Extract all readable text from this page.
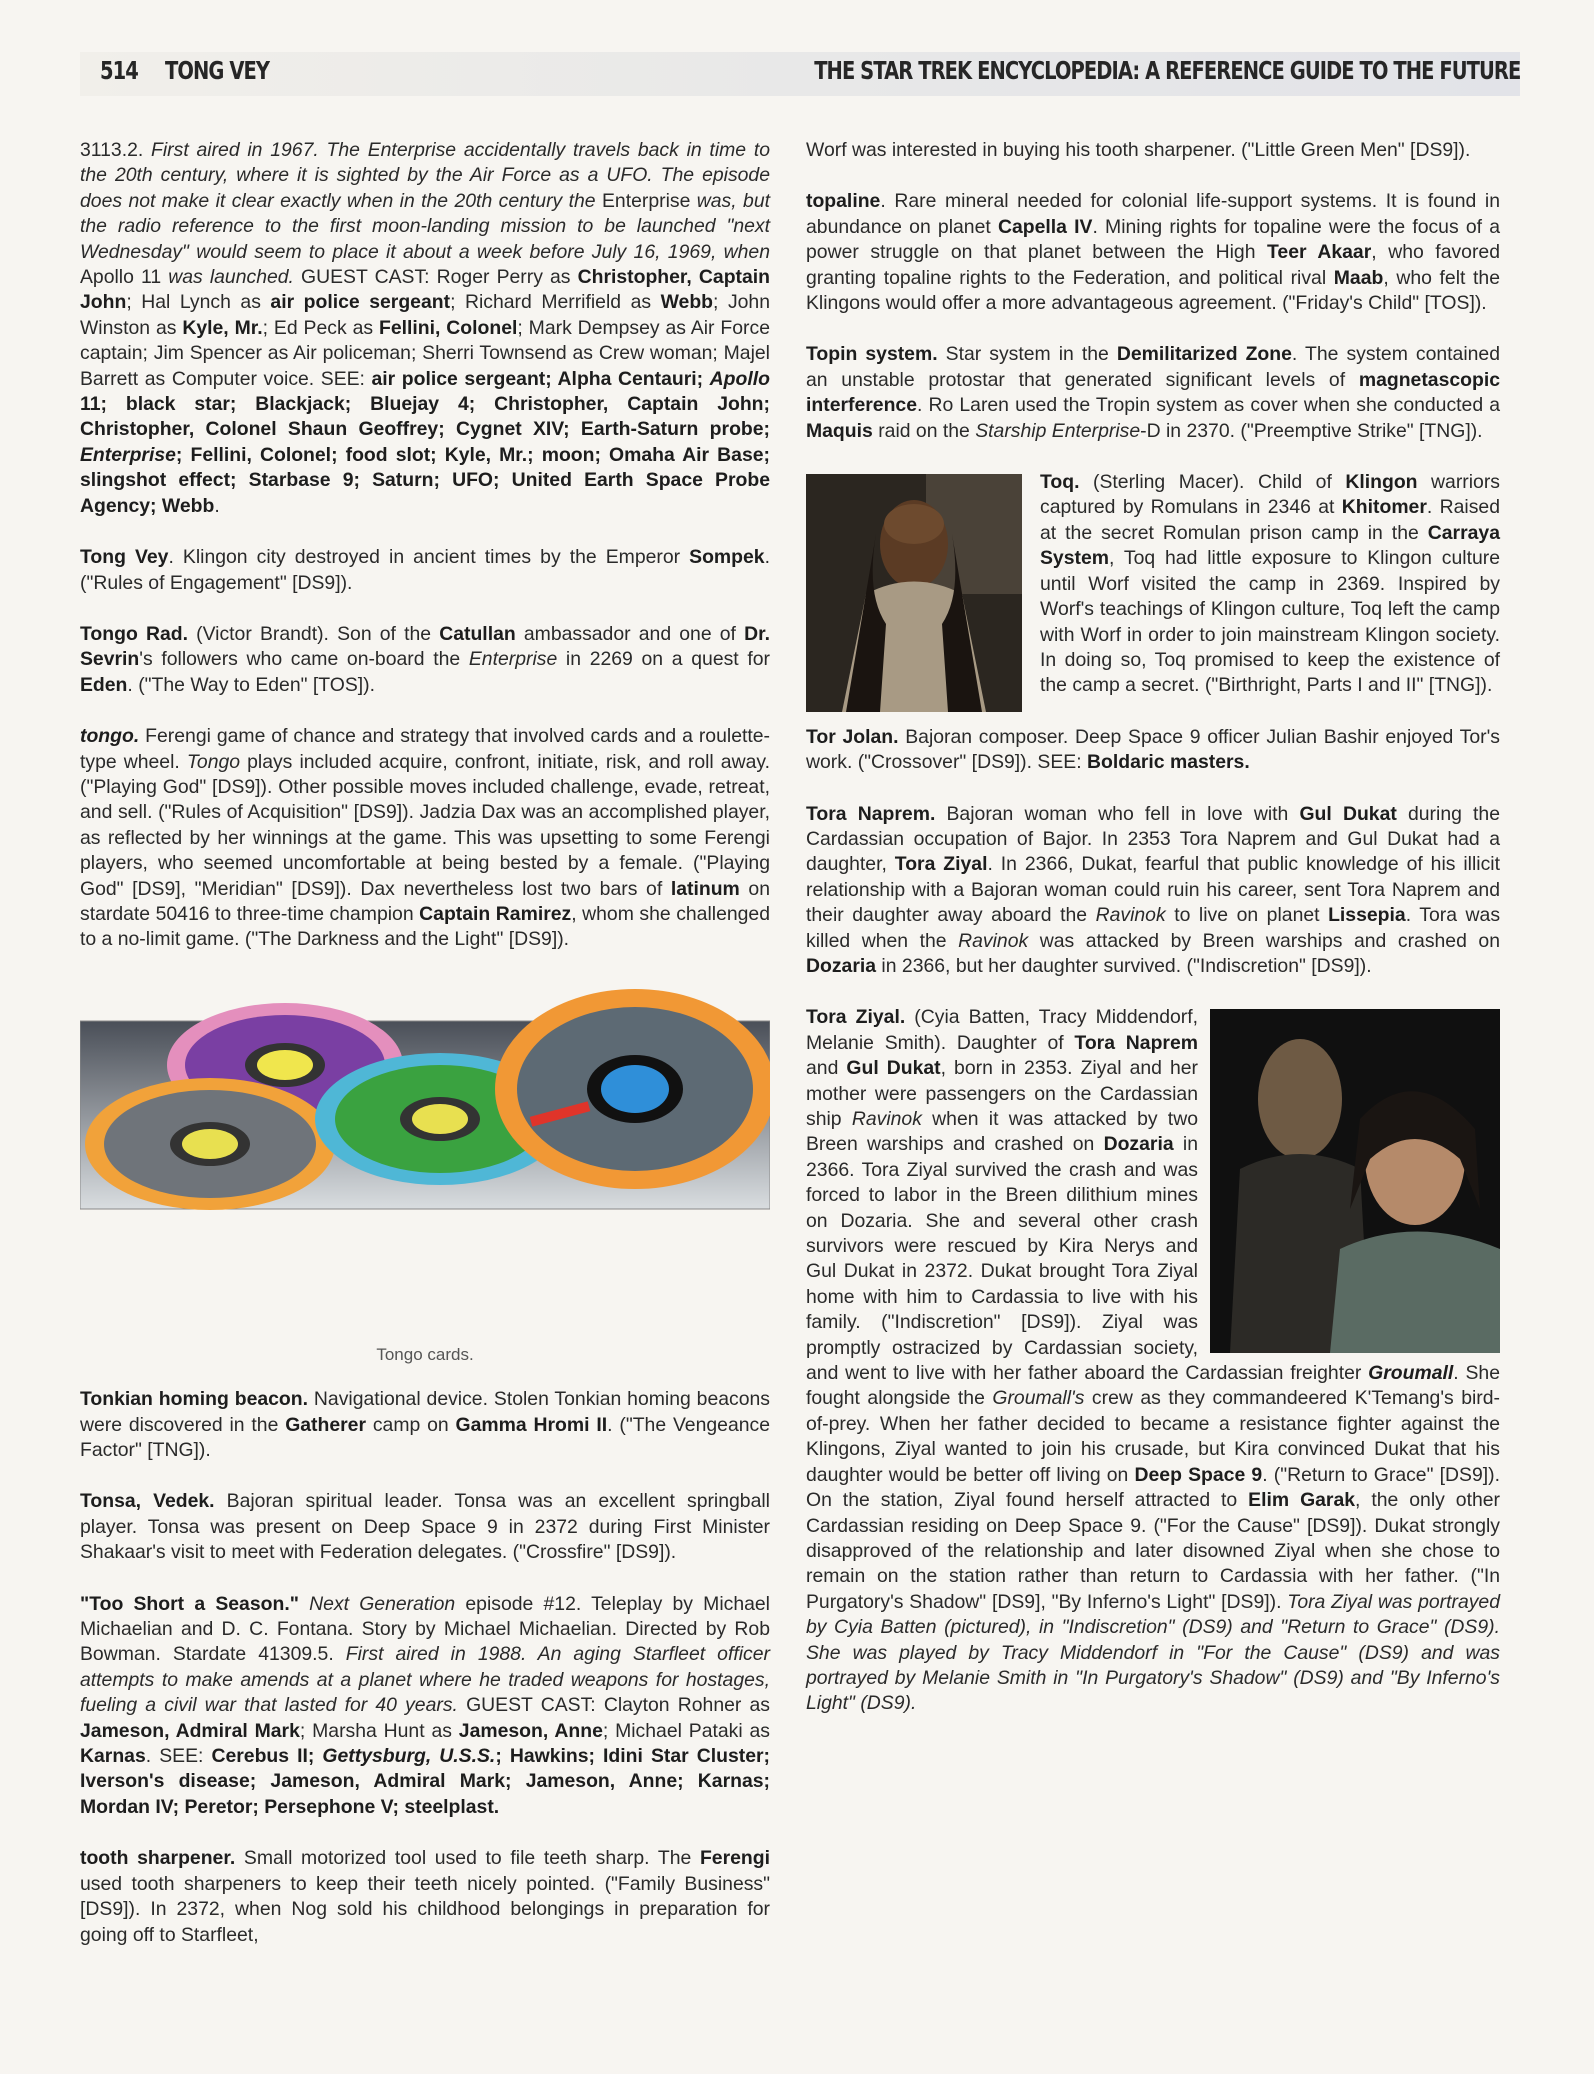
514 TONG VEY	THE STAR TREK ENCYCLOPEDIA: A REFERENCE GUIDE TO THE FUTURE

3113.2. First aired in 1967. The Enterprise accidentally travels back in time to the 20th century, where it is sighted by the Air Force as a UFO. The episode does not make it clear exactly when in the 20th century the Enterprise was, but the radio reference to the first moon-landing mission to be launched "next Wednesday" would seem to place it about a week before July 16, 1969, when Apollo 11 was launched. GUEST CAST: Roger Perry as Christopher, Captain John; Hal Lynch as air police sergeant; Richard Merrifield as Webb; John Winston as Kyle, Mr.; Ed Peck as Fellini, Colonel; Mark Dempsey as Air Force captain; Jim Spencer as Air policeman; Sherri Townsend as Crew woman; Majel Barrett as Computer voice. SEE: air police sergeant; Alpha Centauri; Apollo 11; black star; Blackjack; Bluejay 4; Christopher, Captain John; Christopher, Colonel Shaun Geoffrey; Cygnet XIV; Earth-Saturn probe; Enterprise; Fellini, Colonel; food slot; Kyle, Mr.; moon; Omaha Air Base; slingshot effect; Starbase 9; Saturn; UFO; United Earth Space Probe Agency; Webb.

Tong Vey. Klingon city destroyed in ancient times by the Emperor Sompek. ("Rules of Engagement" [DS9]).

Tongo Rad. (Victor Brandt). Son of the Catullan ambassador and one of Dr. Sevrin's followers who came on-board the Enterprise in 2269 on a quest for Eden. ("The Way to Eden" [TOS]).

tongo. Ferengi game of chance and strategy that involved cards and a roulette-type wheel. Tongo plays included acquire, confront, initiate, risk, and roll away. ("Playing God" [DS9]). Other possible moves included challenge, evade, retreat, and sell. ("Rules of Acquisition" [DS9]). Jadzia Dax was an accomplished player, as reflected by her winnings at the game. This was upsetting to some Ferengi players, who seemed uncomfortable at being bested by a female. ("Playing God" [DS9], "Meridian" [DS9]). Dax nevertheless lost two bars of latinum on stardate 50416 to three-time champion Captain Ramirez, whom she challenged to a no-limit game. ("The Darkness and the Light" [DS9]).

Tongo cards.

Tonkian homing beacon. Navigational device. Stolen Tonkian homing beacons were discovered in the Gatherer camp on Gamma Hromi II. ("The Vengeance Factor" [TNG]).

Tonsa, Vedek. Bajoran spiritual leader. Tonsa was an excellent springball player. Tonsa was present on Deep Space 9 in 2372 during First Minister Shakaar's visit to meet with Federation delegates. ("Crossfire" [DS9]).

"Too Short a Season." Next Generation episode #12. Teleplay by Michael Michaelian and D. C. Fontana. Story by Michael Michaelian. Directed by Rob Bowman. Stardate 41309.5. First aired in 1988. An aging Starfleet officer attempts to make amends at a planet where he traded weapons for hostages, fueling a civil war that lasted for 40 years. GUEST CAST: Clayton Rohner as Jameson, Admiral Mark; Marsha Hunt as Jameson, Anne; Michael Pataki as Karnas. SEE: Cerebus II; Gettysburg, U.S.S.; Hawkins; Idini Star Cluster; Iverson's disease; Jameson, Admiral Mark; Jameson, Anne; Karnas; Mordan IV; Peretor; Persephone V; steelplast.

tooth sharpener. Small motorized tool used to file teeth sharp. The Ferengi used tooth sharpeners to keep their teeth nicely pointed. ("Family Business" [DS9]). In 2372, when Nog sold his childhood belongings in preparation for going off to Starfleet,

Worf was interested in buying his tooth sharpener. ("Little Green Men" [DS9]).

topaline. Rare mineral needed for colonial life-support systems. It is found in abundance on planet Capella IV. Mining rights for topaline were the focus of a power struggle on that planet between the High Teer Akaar, who favored granting topaline rights to the Federation, and political rival Maab, who felt the Klingons would offer a more advantageous agreement. ("Friday's Child" [TOS]).

Topin system. Star system in the Demilitarized Zone. The system contained an unstable protostar that generated significant levels of magnetascopic interference. Ro Laren used the Tropin system as cover when she conducted a Maquis raid on the Starship Enterprise-D in 2370. ("Preemptive Strike" [TNG]).

Toq. (Sterling Macer). Child of Klingon warriors captured by Romulans in 2346 at Khitomer. Raised at the secret Romulan prison camp in the Carraya System, Toq had little exposure to Klingon culture until Worf visited the camp in 2369. Inspired by Worf's teachings of Klingon culture, Toq left the camp with Worf in order to join mainstream Klingon society. In doing so, Toq promised to keep the existence of the camp a secret. ("Birthright, Parts I and II" [TNG]).

Tor Jolan. Bajoran composer. Deep Space 9 officer Julian Bashir enjoyed Tor's work. ("Crossover" [DS9]). SEE: Boldaric masters.

Tora Naprem. Bajoran woman who fell in love with Gul Dukat during the Cardassian occupation of Bajor. In 2353 Tora Naprem and Gul Dukat had a daughter, Tora Ziyal. In 2366, Dukat, fearful that public knowledge of his illicit relationship with a Bajoran woman could ruin his career, sent Tora Naprem and their daughter away aboard the Ravinok to live on planet Lissepia. Tora was killed when the Ravinok was attacked by Breen warships and crashed on Dozaria in 2366, but her daughter survived. ("Indiscretion" [DS9]).

Tora Ziyal. (Cyia Batten, Tracy Middendorf, Melanie Smith). Daughter of Tora Naprem and Gul Dukat, born in 2353. Ziyal and her mother were passengers on the Cardassian ship Ravinok when it was attacked by two Breen warships and crashed on Dozaria in 2366. Tora Ziyal survived the crash and was forced to labor in the Breen dilithium mines on Dozaria. She and several other crash survivors were rescued by Kira Nerys and Gul Dukat in 2372. Dukat brought Tora Ziyal home with him to Cardassia to live with his family. ("Indiscretion" [DS9]). Ziyal was promptly ostracized by Cardassian society, and went to live with her father aboard the Cardassian freighter Groumall. She fought alongside the Groumall's crew as they commandeered K'Temang's bird-of-prey. When her father decided to became a resistance fighter against the Klingons, Ziyal wanted to join his crusade, but Kira convinced Dukat that his daughter would be better off living on Deep Space 9. ("Return to Grace" [DS9]). On the station, Ziyal found herself attracted to Elim Garak, the only other Cardassian residing on Deep Space 9. ("For the Cause" [DS9]). Dukat strongly disapproved of the relationship and later disowned Ziyal when she chose to remain on the station rather than return to Cardassia with her father. ("In Purgatory's Shadow" [DS9], "By Inferno's Light" [DS9]). Tora Ziyal was portrayed by Cyia Batten (pictured), in "Indiscretion" (DS9) and "Return to Grace" (DS9). She was played by Tracy Middendorf in "For the Cause" (DS9) and was portrayed by Melanie Smith in "In Purgatory's Shadow" (DS9) and "By Inferno's Light" (DS9).
